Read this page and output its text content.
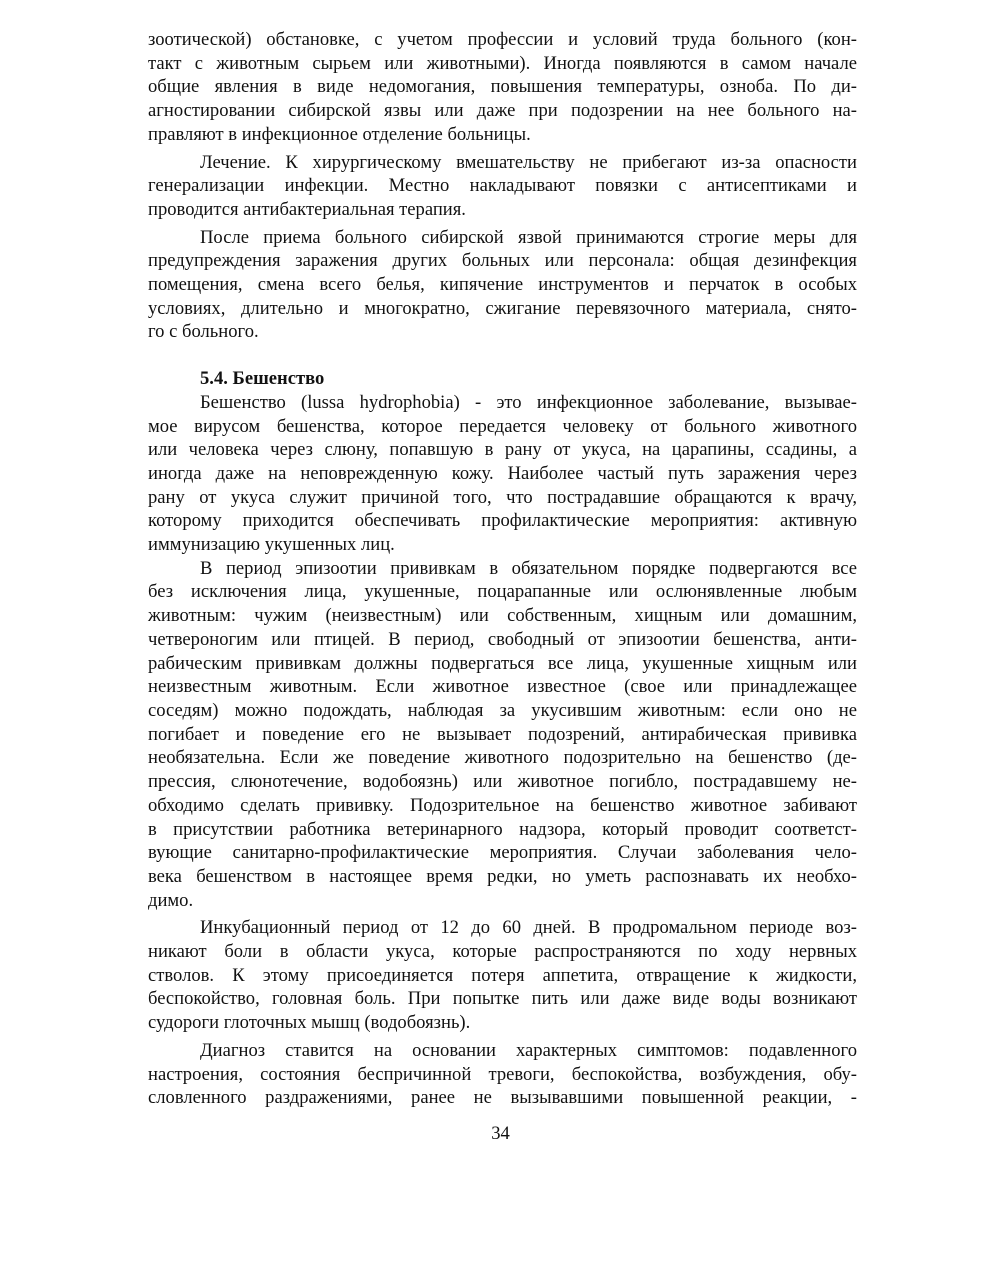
зоотической) обстановке, с учетом профессии и условий труда больного (кон-
такт с животным сырьем или животными). Иногда появляются в самом начале
общие явления в виде недомогания, повышения температуры, озноба. По ди-
агностировании сибирской язвы или даже при подозрении на нее больного на-
правляют в инфекционное отделение больницы.
Лечение. К хирургическому вмешательству не прибегают из-за опасности
генерализации инфекции. Местно накладывают повязки с антисептиками и
проводится антибактериальная терапия.
После приема больного сибирской язвой принимаются строгие меры для
предупреждения заражения других больных или персонала: общая дезинфекция
помещения, смена всего белья, кипячение инструментов и перчаток в особых
условиях, длительно и многократно, сжигание перевязочного материала, снято-
го с больного.
5.4. Бешенство
Бешенство (lussa hydrophobia) - это инфекционное заболевание, вызывае-
мое вирусом бешенства, которое передается человеку от больного животного
или человека через слюну, попавшую в рану от укуса, на царапины, ссадины, а
иногда даже на неповрежденную кожу. Наиболее частый путь заражения через
рану от укуса служит причиной того, что пострадавшие обращаются к врачу,
которому приходится обеспечивать профилактические мероприятия: активную
иммунизацию укушенных лиц.
В период эпизоотии прививкам в обязательном порядке подвергаются все
без исключения лица, укушенные, поцарапанные или ослюнявленные любым
животным: чужим (неизвестным) или собственным, хищным или домашним,
четвероногим или птицей. В период, свободный от эпизоотии бешенства, анти-
рабическим прививкам должны подвергаться все лица, укушенные хищным или
неизвестным животным. Если животное известное (свое или принадлежащее
соседям) можно подождать, наблюдая за укусившим животным: если оно не
погибает и поведение его не вызывает подозрений, антирабическая прививка
необязательна. Если же поведение животного подозрительно на бешенство (де-
прессия, слюнотечение, водобоязнь) или животное погибло, пострадавшему не-
обходимо сделать прививку. Подозрительное на бешенство животное забивают
в присутствии работника ветеринарного надзора, который проводит соответст-
вующие санитарно-профилактические мероприятия. Случаи заболевания чело-
века бешенством в настоящее время редки, но уметь распознавать их необхо-
димо.
Инкубационный период от 12 до 60 дней. В продромальном периоде воз-
никают боли в области укуса, которые распространяются по ходу нервных
стволов. К этому присоединяется потеря аппетита, отвращение к жидкости,
беспокойство, головная боль. При попытке пить или даже виде воды возникают
судороги глоточных мышц (водобоязнь).
Диагноз ставится на основании характерных симптомов: подавленного
настроения, состояния беспричинной тревоги, беспокойства, возбуждения, обу-
словленного раздражениями, ранее не вызывавшими повышенной реакции, -
34
